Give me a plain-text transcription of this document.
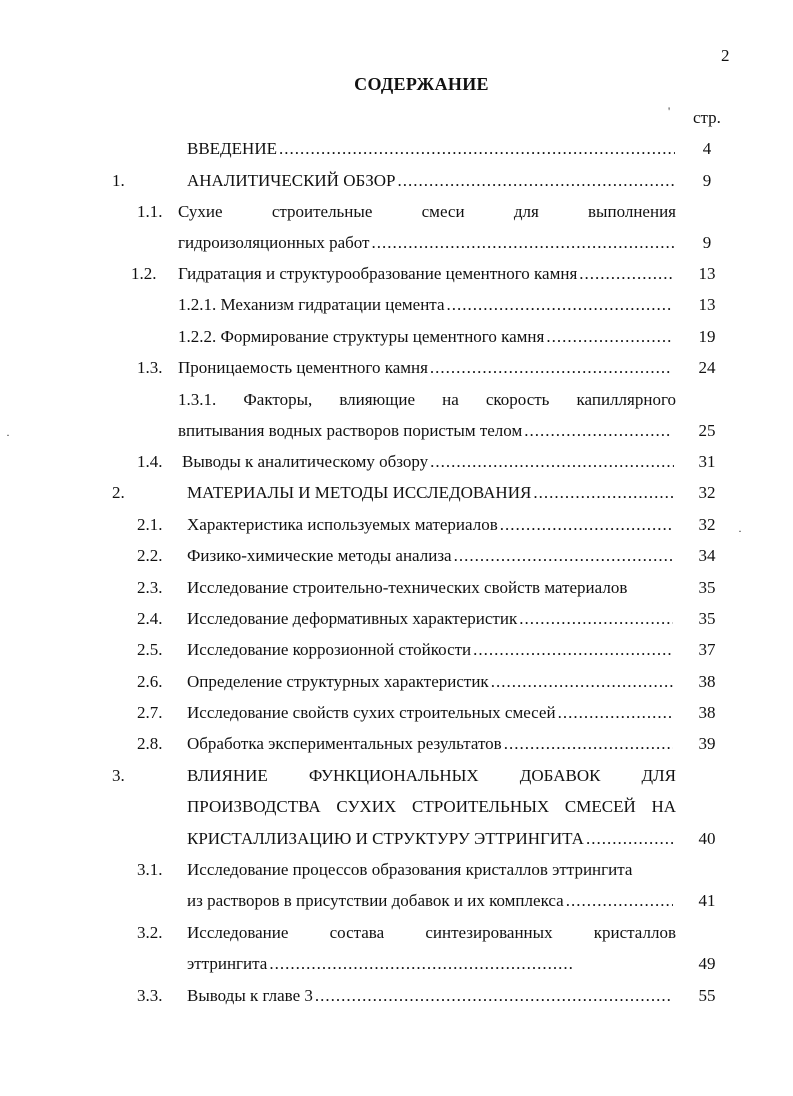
2
СОДЕРЖАНИЕ
стр.
'
ВВЕДЕНИЕ .....	4
1.	АНАЛИТИЧЕСКИЙ ОБЗОР .....	9
1.1. Сухие строительные смеси для выполнения
гидроизоляционных работ .....	9
1.2. Гидратация и структурообразование цементного камня .....	13
1.2.1. Механизм гидратации цемента .....	13
1.2.2. Формирование структуры цементного камня .....	19
1.3. Проницаемость цементного камня .....	24
1.3.1. Факторы, влияющие на скорость капиллярного
впитывания водных растворов пористым телом .....	25
1.4. Выводы к аналитическому обзору .....	31
2.	МАТЕРИАЛЫ И МЕТОДЫ ИССЛЕДОВАНИЯ .....	32
2.1. Характеристика используемых материалов .....	32
2.2. Физико-химические методы анализа .....	34
2.3. Исследование строительно-технических свойств материалов	35
2.4. Исследование деформативных характеристик .....	35
2.5. Исследование коррозионной стойкости .....	37
2.6. Определение структурных характеристик .....	38
2.7. Исследование свойств сухих строительных смесей .....	38
2.8. Обработка экспериментальных результатов .....	39
3.	ВЛИЯНИЕ ФУНКЦИОНАЛЬНЫХ ДОБАВОК ДЛЯ
ПРОИЗВОДСТВА СУХИХ СТРОИТЕЛЬНЫХ СМЕСЕЙ НА
КРИСТАЛЛИЗАЦИЮ И СТРУКТУРУ ЭТТРИНГИТА .....	40
3.1. Исследование процессов образования кристаллов эттрингита
из растворов в присутствии добавок и их комплекса .....	41
3.2. Исследование состава синтезированных кристаллов
эттрингита .....	49
3.3. Выводы к главе 3 .....	55
·
·
